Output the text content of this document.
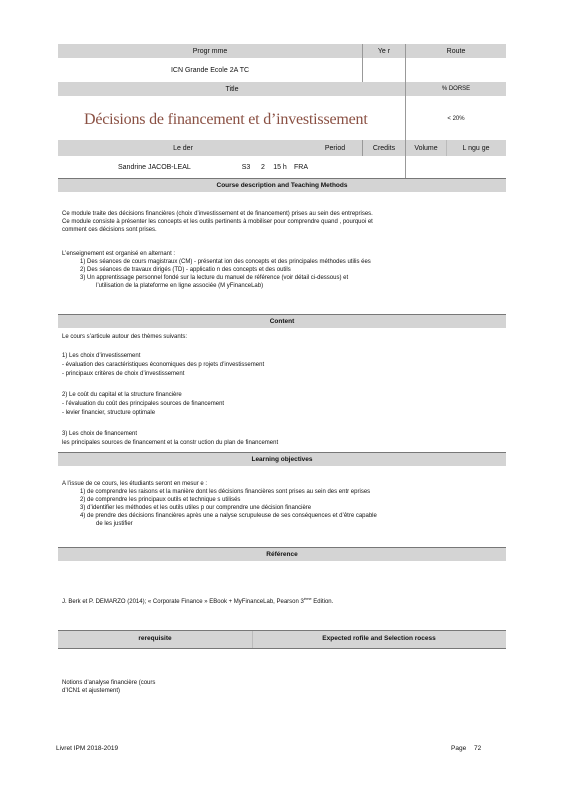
Progr mme	Ye r	Route
ICN Grande Ecole 2A TC
Title	% DORSE
Décisions de financement et d’investissement	< 20%
Le der	Period	Credits	Volume	L ngu ge
Sandrine JACOB-LEAL	S3	2	15 h	FRA
Course description and Teaching Methods
Ce module traite des décisions financières (choix d’investissement et de financement) prises au sein des entreprises.
Ce module consiste à présenter les concepts et les outils pertinents à mobiliser pour comprendre quand , pourquoi et
comment ces décisions sont prises.
L’enseignement est organisé en alternant :
1) Des séances de cours magistraux (CM) - présentat ion des concepts et des principales méthodes utilis ées
2) Des séances de travaux dirigés (TD) - applicatio n des concepts et des outils
3) Un apprentissage personnel fondé sur la lecture du manuel de référence (voir détail ci-dessous) et
l’utilisation de la plateforme en ligne associée (M yFinanceLab)
Content
Le cours s’articule autour des thèmes suivants:
1) Les choix d’investissement
- évaluation des caractéristiques économiques des p rojets d’investissement
- principaux critères de choix d’investissement
2) Le coût du capital et la structure financière
- l’évaluation du coût des principales sources de financement
- levier financier, structure optimale
3) Les choix de financement
les principales sources de financement et la constr uction du plan de financement
Learning objectives
A l’issue de ce cours, les étudiants seront en mesur e :
1) de comprendre les raisons et la manière dont les décisions financières sont prises au sein des entr eprises
2) de comprendre les principaux outils et technique s utilisés
3) d’identifier les méthodes et les outils utiles p our comprendre une décision financière
4) de prendre des décisions financières après une a nalyse scrupuleuse de ses conséquences et d’être capable
de les justifier
Référence
J. Berk et P. DEMARZO (2014); « Corporate Finance » EBook + MyFinanceLab, Pearson 3ème Edition.
rerequisite	Expected rofile and Selection rocess
Notions d’analyse financière (cours
d’ICN1 et ajustement)
Livret IPM 2018-2019	Page 72
